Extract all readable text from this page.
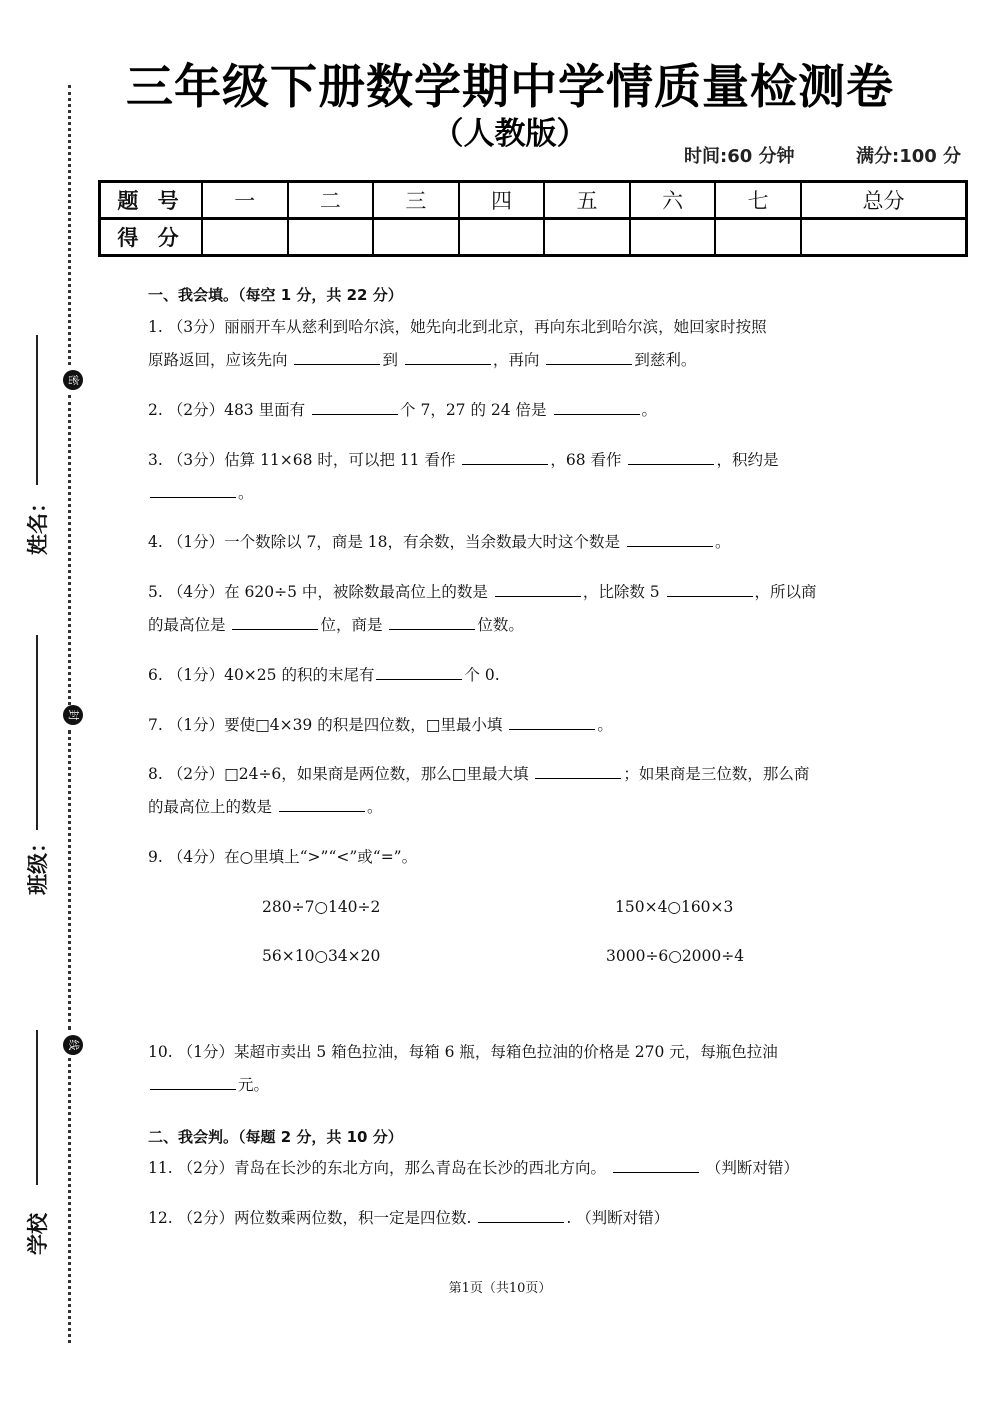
密
封
线
姓名：
班级：
学校
三年级下册数学期中学情质量检测卷
（人教版）
时间:60 分钟	满分:100 分
题 号	一	二	三	四	五	六	七	总分
得 分								
一、我会填。（每空 1 分，共 22 分）
1. （3分）丽丽开车从慈利到哈尔滨，她先向北到北京，再向东北到哈尔滨，她回家时按照
原路返回，应该先向	到	，再向	到慈利。
2. （2分）483 里面有	个 7，27 的 24 倍是	。
3. （3分）估算 11×68 时，可以把 11 看作	，68 看作	，积约是
。
4. （1分）一个数除以 7，商是 18，有余数，当余数最大时这个数是	。
5. （4分）在 620÷5 中，被除数最高位上的数是	，比除数 5	，所以商
的最高位是	位，商是	位数。
6. （1分）40×25 的积的末尾有	个 0.
7. （1分）要使□4×39 的积是四位数，□里最小填	。
8. （2分）□24÷6，如果商是两位数，那么□里最大填	；如果商是三位数，那么商
的最高位上的数是	。
9. （4分）在○里填上“>”“<”或“=”。
280÷7○140÷2	150×4○160×3
56×10○34×20	3000÷6○2000÷4
10. （1分）某超市卖出 5 箱色拉油，每箱 6 瓶，每箱色拉油的价格是 270 元，每瓶色拉油
元。
二、我会判。（每题 2 分，共 10 分）
11. （2分）青岛在长沙的东北方向，那么青岛在长沙的西北方向。	（判断对错）
12. （2分）两位数乘两位数，积一定是四位数.	. （判断对错）
第1页（共10页）
